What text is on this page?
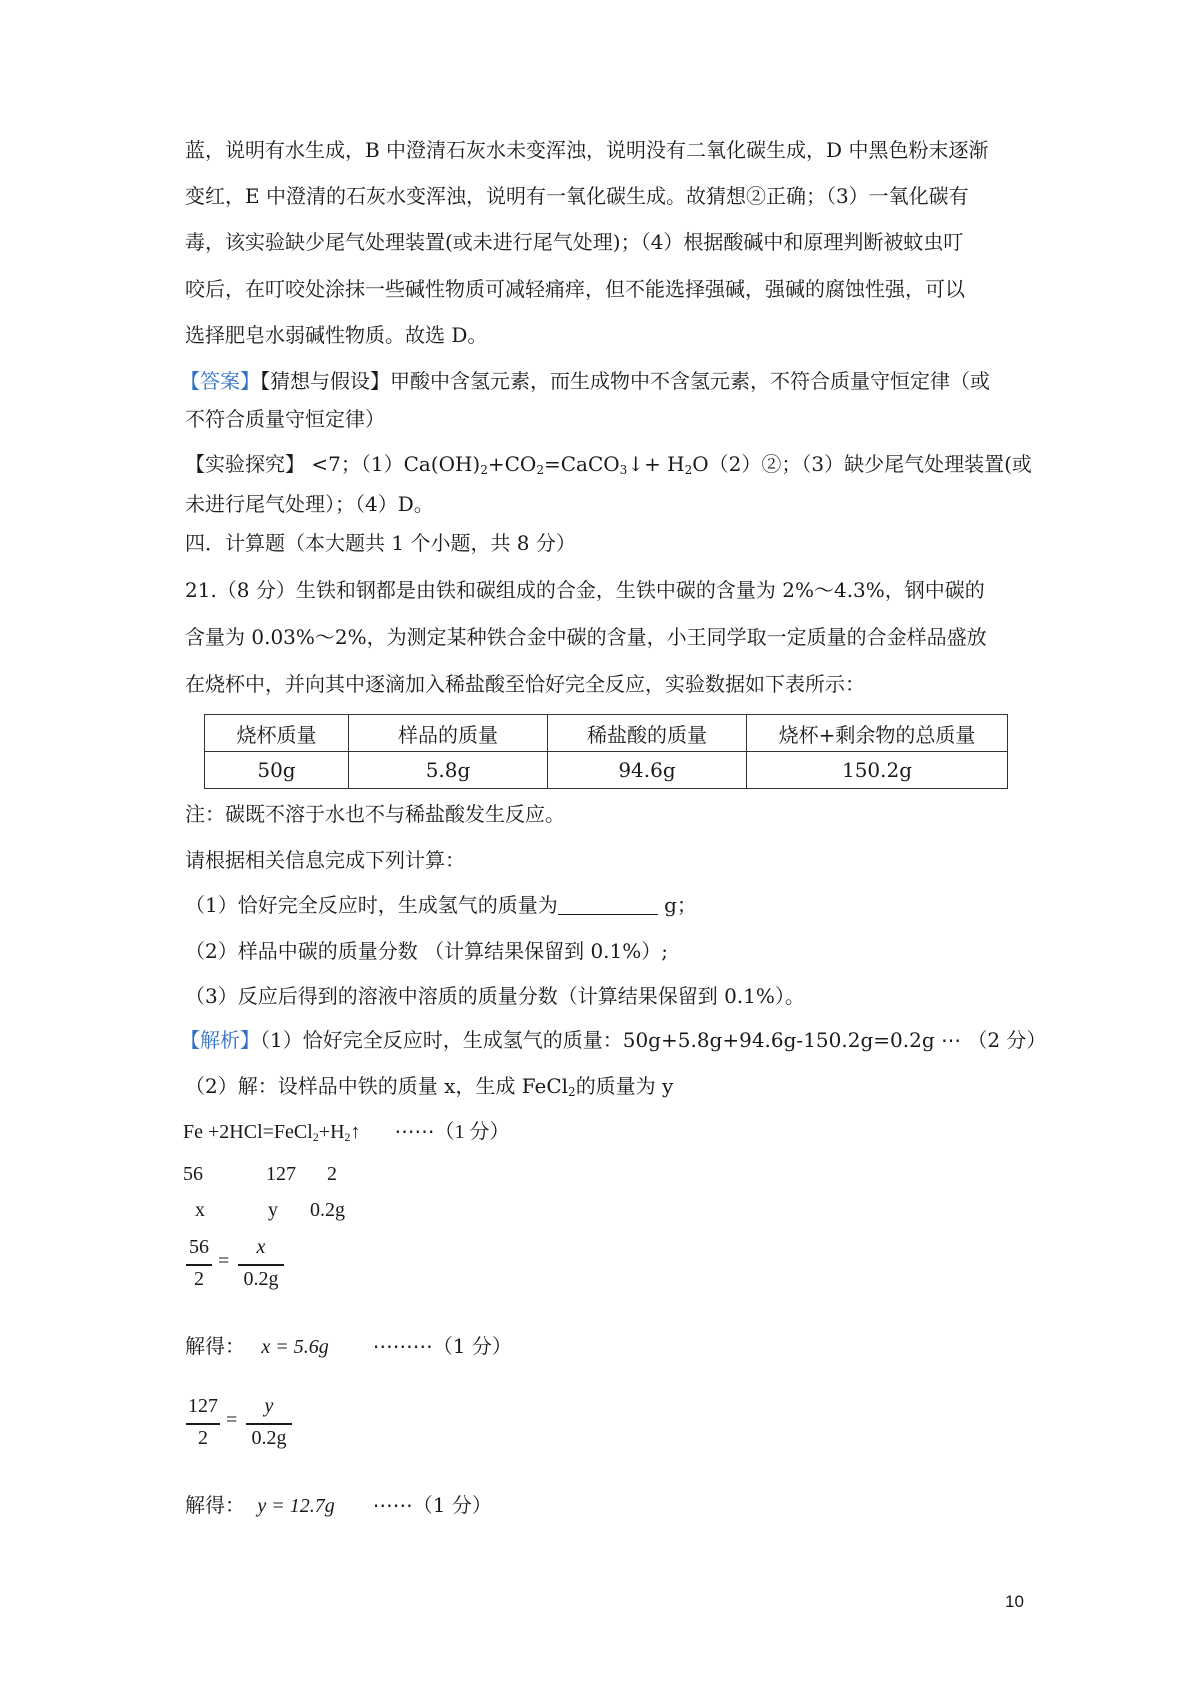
蓝，说明有水生成，B 中澄清石灰水未变浑浊，说明没有二氧化碳生成，D 中黑色粉末逐渐
变红，E 中澄清的石灰水变浑浊，说明有一氧化碳生成。故猜想②正确；（3）一氧化碳有
毒，该实验缺少尾气处理装置(或未进行尾气处理)；（4）根据酸碱中和原理判断被蚊虫叮
咬后，在叮咬处涂抹一些碱性物质可减轻痛痒，但不能选择强碱，强碱的腐蚀性强，可以
选择肥皂水弱碱性物质。故选 D。
【答案】【猜想与假设】甲酸中含氢元素，而生成物中不含氢元素，不符合质量守恒定律（或
不符合质量守恒定律）
【实验探究】 <7；$(1)Ca(OH)_2+CO_2=CaCO_3↓+$ $H_2O(2)②$；（3）缺少尾气处理装置(或
未进行尾气处理）；（4）D。
四．计算题（本大题共 1 个小题，共 8 分）
21.（8 分）生铁和钢都是由铁和碳组成的合金，生铁中碳的含量为 2%～4.3%，钢中碳的
含量为 0.03%～2%，为测定某种铁合金中碳的含量，小王同学取一定质量的合金样品盛放
在烧杯中，并向其中逐滴加入稀盐酸至恰好完全反应，实验数据如下表所示：
烧杯质量	样品的质量	稀盐酸的质量	烧杯+剩余物的总质量
50g	5.8g	94.6g	150.2g
注：碳既不溶于水也不与稀盐酸发生反应。
请根据相关信息完成下列计算：
（1）恰好完全反应时，生成氢气的质量为	g；
（2）样品中碳的质量分数 （计算结果保留到 0.1%）;
（3）反应后得到的溶液中溶质的质量分数（计算结果保留到 0.1%）。
【解析】（1）恰好完全反应时，生成氢气的质量：50g+5.8g+94.6g-150.2g=0.2g ⋯ （2 分）
（2）解：设样品中铁的质量 x，生成 FeCl$_2$的质量为 y
$Fe +2HCl=FeCl_2+H_2↑$ ⋯⋯（1 分）
56	127 2
x	y 0.2g
56
2
=
x
0.2g
解得： x = 5.6g ⋯⋯⋯（1 分）
127
2
=
y
0.2g
解得： y = 12.7g ⋯⋯（1 分）
10
